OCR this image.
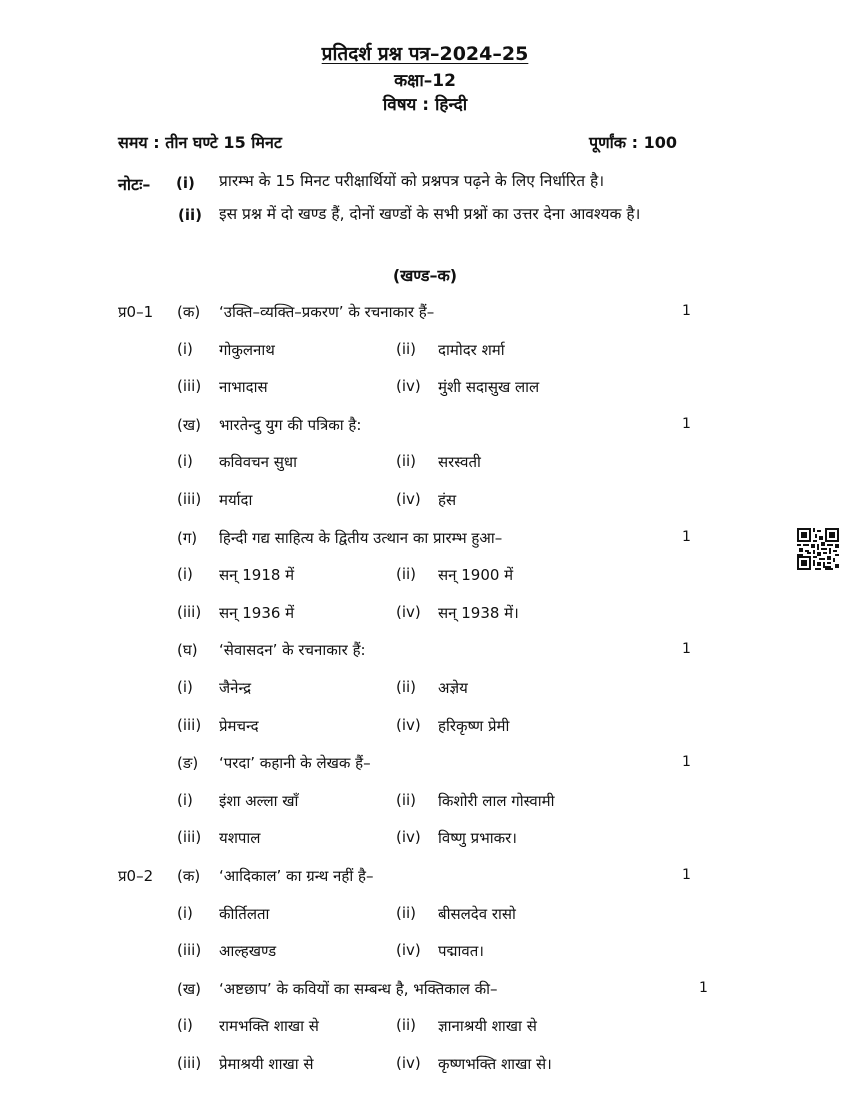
प्रतिदर्श प्रश्न पत्र–2024–25
कक्षा–12
विषय : हिन्दी
समय : तीन घण्टे 15 मिनट	पूर्णांक : 100
नोटः– (i) प्रारम्भ के 15 मिनट परीक्षार्थियों को प्रश्नपत्र पढ़ने के लिए निर्धारित है।
(ii) इस प्रश्न में दो खण्ड हैं, दोनों खण्डों के सभी प्रश्नों का उत्तर देना आवश्यक है।
(खण्ड–क)
प्र0–1 (क) ‘उक्ति–व्यक्ति–प्रकरण’ के रचनाकार हैं–	1
(i) गोकुलनाथ	(ii) दामोदर शर्मा
(iii) नाभादास	(iv) मुंशी सदासुख लाल
(ख) भारतेन्दु युग की पत्रिका है:	1
(i) कविवचन सुधा	(ii) सरस्वती
(iii) मर्यादा	(iv) हंस
(ग) हिन्दी गद्य साहित्य के द्वितीय उत्थान का प्रारम्भ हुआ–	1
(i) सन् 1918 में	(ii) सन् 1900 में
(iii) सन् 1936 में	(iv) सन् 1938 में।
(घ) ‘सेवासदन’ के रचनाकार हैं:	1
(i) जैनेन्द्र	(ii) अज्ञेय
(iii) प्रेमचन्द	(iv) हरिकृष्ण प्रेमी
(ङ) ‘परदा’ कहानी के लेखक हैं–	1
(i) इंशा अल्ला खाँ	(ii) किशोरी लाल गोस्वामी
(iii) यशपाल	(iv) विष्णु प्रभाकर।
प्र0–2 (क) ‘आदिकाल’ का ग्रन्थ नहीं है–	1
(i) कीर्तिलता	(ii) बीसलदेव रासो
(iii) आल्हखण्ड	(iv) पद्मावत।
(ख) ‘अष्टछाप’ के कवियों का सम्बन्ध है, भक्तिकाल की–	1
(i) रामभक्ति शाखा से	(ii) ज्ञानाश्रयी शाखा से
(iii) प्रेमाश्रयी शाखा से	(iv) कृष्णभक्ति शाखा से।
